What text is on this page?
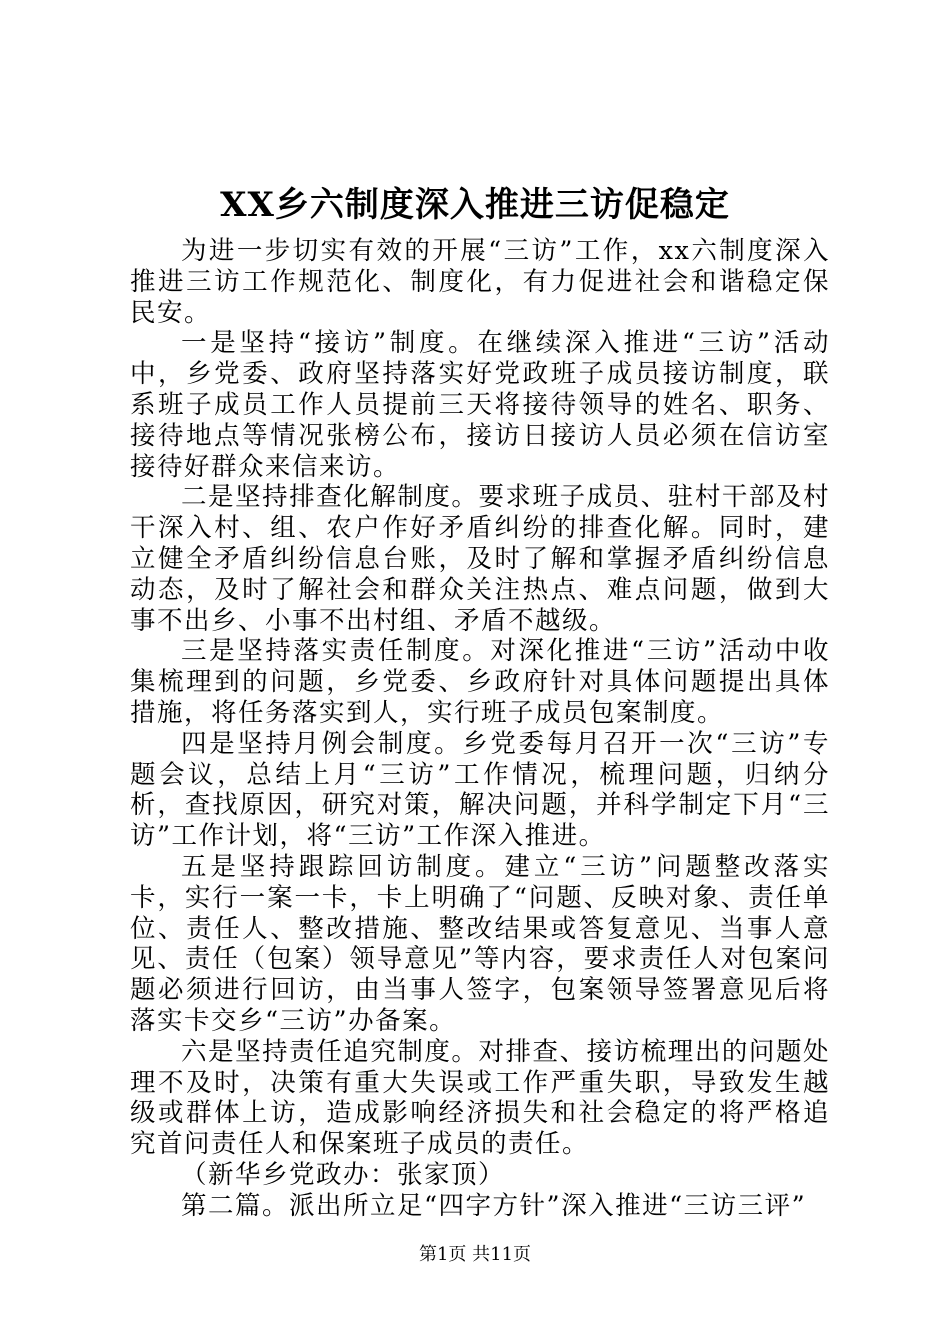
XX乡六制度深入推进三访促稳定

为进一步切实有效的开展“三访”工作，xx六制度深入推进三访工作规范化、制度化，有力促进社会和谐稳定保民安。

一是坚持“接访”制度。在继续深入推进“三访”活动中，乡党委、政府坚持落实好党政班子成员接访制度，联系班子成员工作人员提前三天将接待领导的姓名、职务、接待地点等情况张榜公布，接访日接访人员必须在信访室接待好群众来信来访。

二是坚持排查化解制度。要求班子成员、驻村干部及村干深入村、组、农户作好矛盾纠纷的排查化解。同时，建立健全矛盾纠纷信息台账，及时了解和掌握矛盾纠纷信息动态，及时了解社会和群众关注热点、难点问题，做到大事不出乡、小事不出村组、矛盾不越级。

三是坚持落实责任制度。对深化推进“三访”活动中收集梳理到的问题，乡党委、乡政府针对具体问题提出具体措施，将任务落实到人，实行班子成员包案制度。

四是坚持月例会制度。乡党委每月召开一次“三访”专题会议，总结上月“三访”工作情况，梳理问题，归纳分析，查找原因，研究对策，解决问题，并科学制定下月“三访”工作计划，将“三访”工作深入推进。

五是坚持跟踪回访制度。建立“三访”问题整改落实卡，实行一案一卡，卡上明确了“问题、反映对象、责任单位、责任人、整改措施、整改结果或答复意见、当事人意见、责任（包案）领导意见”等内容，要求责任人对包案问题必须进行回访，由当事人签字，包案领导签署意见后将落实卡交乡“三访”办备案。

六是坚持责任追究制度。对排查、接访梳理出的问题处理不及时，决策有重大失误或工作严重失职，导致发生越级或群体上访，造成影响经济损失和社会稳定的将严格追究首问责任人和保案班子成员的责任。

（新华乡党政办：张家顶）

第二篇。派出所立足“四字方针”深入推进“三访三评”

第1页 共11页
